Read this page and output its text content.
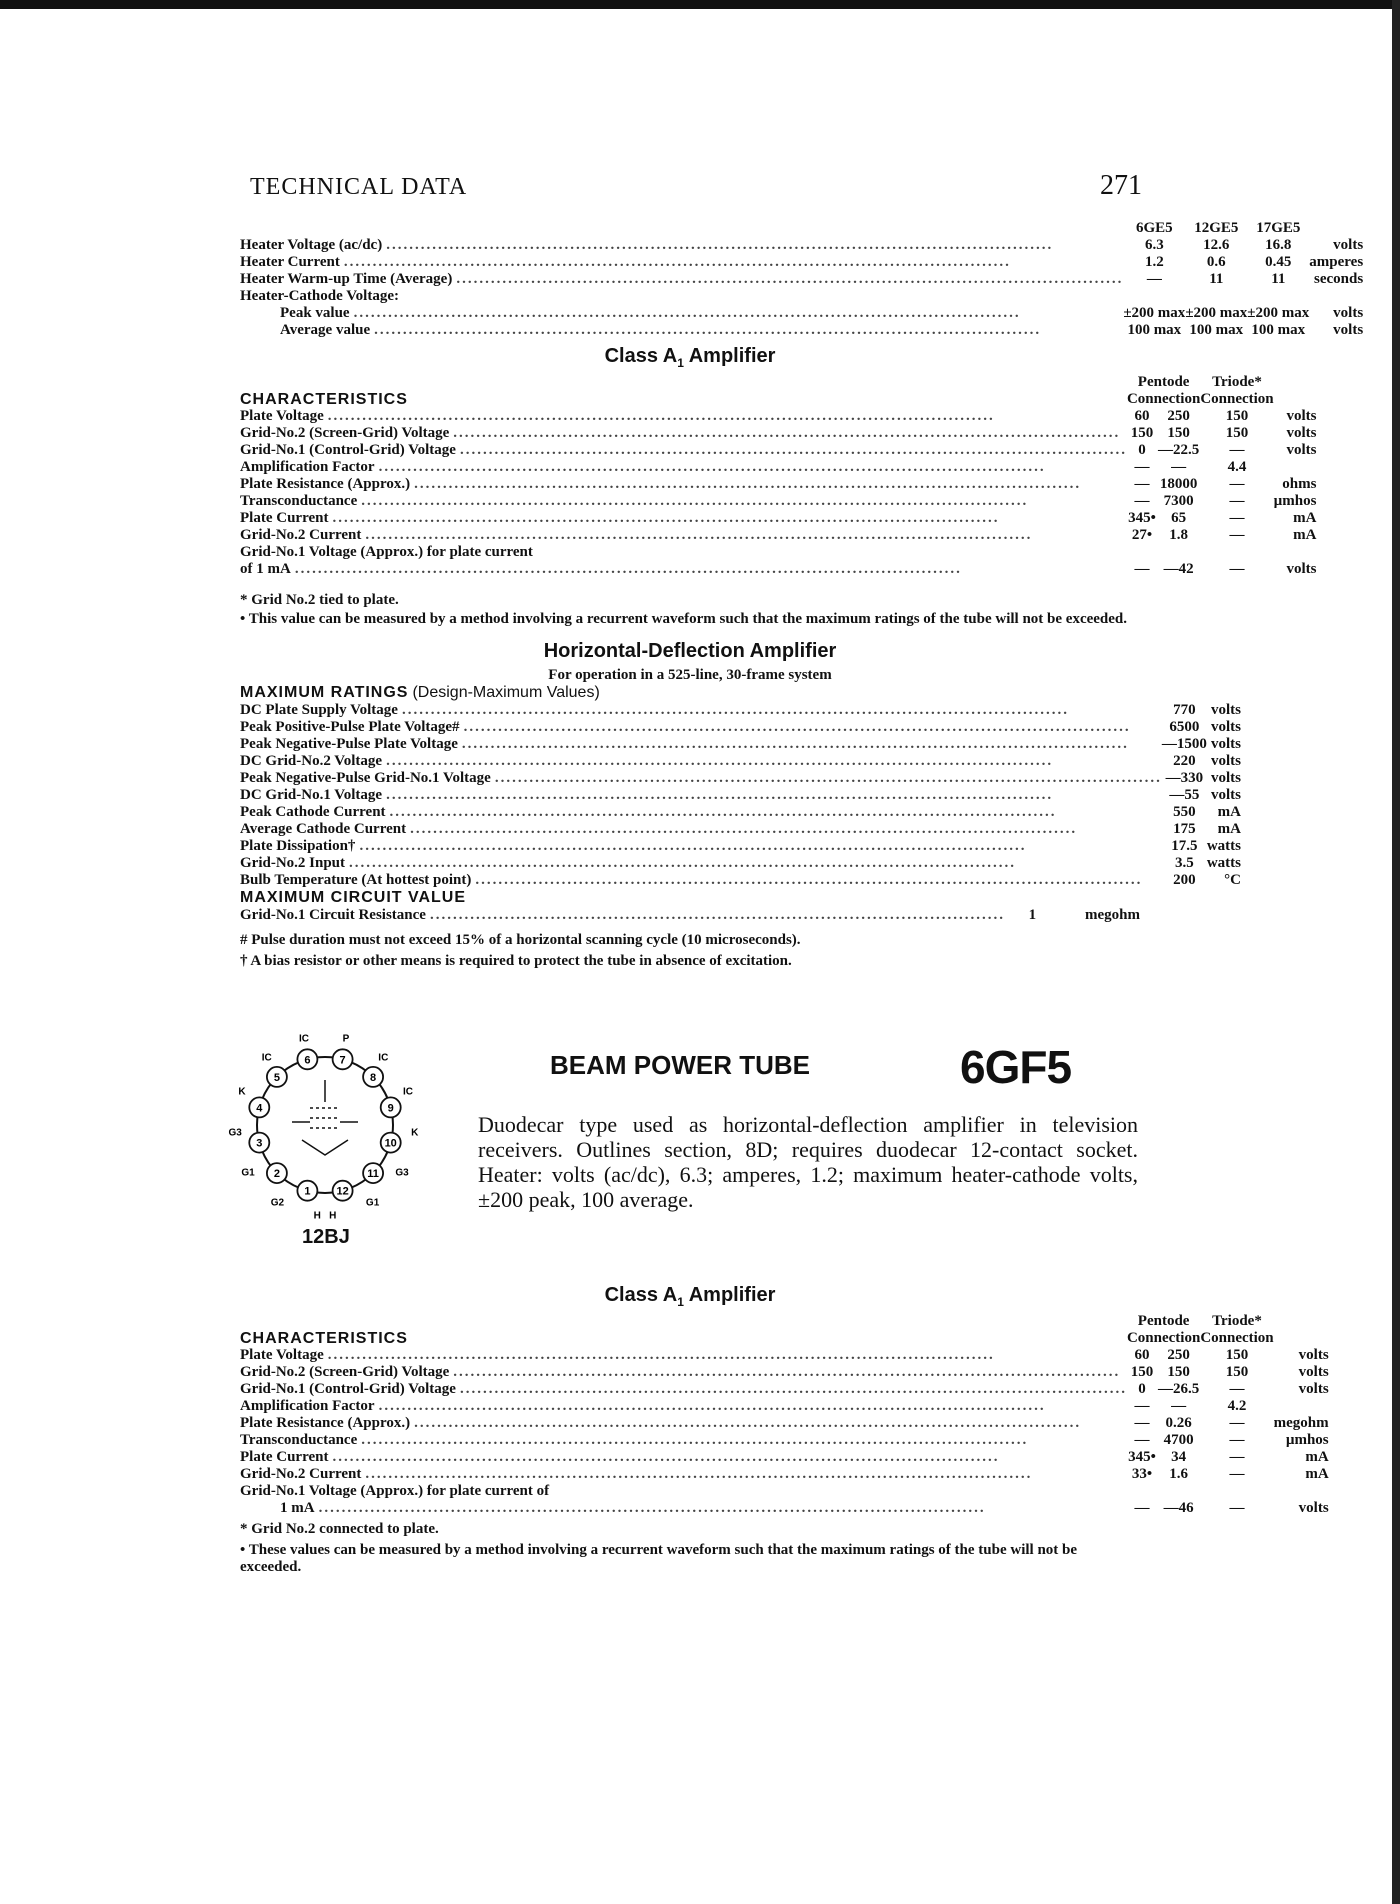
TECHNICAL DATA	271
	6GE5	12GE5	17GE5	

Heater Voltage (ac/dc) ....................................................................................................................	6.3	12.6	16.8	volts

Heater Current ....................................................................................................................	1.2	0.6	0.45	amperes

Heater Warm-up Time (Average) ....................................................................................................................	—	11	11	seconds

Heater-Cathode Voltage:				

Peak value ....................................................................................................................	±200 max	±200 max	±200 max	volts

Average value ....................................................................................................................	100 max	100 max	100 max	volts
Class $A_1$ Amplifier
	Pentode		Triode*	
CHARACTERISTICS	Connection		Connection	

Plate Voltage ....................................................................................................................	60	250	150	volts

Grid-No.2 (Screen-Grid) Voltage ....................................................................................................................	150	150	150	volts

Grid-No.1 (Control-Grid) Voltage ....................................................................................................................	0	—22.5	—	volts

Amplification Factor ....................................................................................................................	—	—	4.4	

Plate Resistance (Approx.) ....................................................................................................................	—	18000	—	ohms

Transconductance ....................................................................................................................	—	7300	—	µmhos

Plate Current ....................................................................................................................	345•	65	—	mA

Grid-No.2 Current ....................................................................................................................	27•	1.8	—	mA

Grid-No.1 Voltage (Approx.) for plate current				

of 1 mA ....................................................................................................................	—	—42	—	volts
* Grid No.2 tied to plate.
• This value can be measured by a method involving a recurrent waveform such that the maximum ratings of the tube will not be exceeded.
Horizontal-Deflection Amplifier
For operation in a 525-line, 30-frame system
MAXIMUM RATINGS (Design-Maximum Values)
DC Plate Supply Voltage ....................................................................................................................	770	volts

Peak Positive-Pulse Plate Voltage# ....................................................................................................................	6500	volts

Peak Negative-Pulse Plate Voltage ....................................................................................................................	—1500	volts

DC Grid-No.2 Voltage ....................................................................................................................	220	volts

Peak Negative-Pulse Grid-No.1 Voltage ....................................................................................................................	—330	volts

DC Grid-No.1 Voltage ....................................................................................................................	—55	volts

Peak Cathode Current ....................................................................................................................	550	mA

Average Cathode Current ....................................................................................................................	175	mA

Plate Dissipation† ....................................................................................................................	17.5	watts

Grid-No.2 Input ....................................................................................................................	3.5	watts

Bulb Temperature (At hottest point) ....................................................................................................................	200	°C
MAXIMUM CIRCUIT VALUE
Grid-No.1 Circuit Resistance ....................................................................................................	1	megohm
# Pulse duration must not exceed 15% of a horizontal scanning cycle (10 microseconds).
† A bias resistor or other means is required to protect the tube in absence of excitation.
1
2
3
4
5
6	7
8
9
10
11
12
H
G2
G1
G3
K
IC
IC	P
IC
IC
K
G3
G1
H
12BJ
BEAM POWER TUBE	6GF5
Duodecar type used as horizontal-deflection amplifier in television receivers. Outlines section, 8D; requires duodecar 12-contact socket. Heater: volts (ac/dc), 6.3; amperes, 1.2; maximum heater-cathode volts, ±200 peak, 100 average.
Class $A_1$ Amplifier
	Pentode		Triode*	
CHARACTERISTICS	Connection		Connection	

Plate Voltage ....................................................................................................................	60	250	150	volts

Grid-No.2 (Screen-Grid) Voltage ....................................................................................................................	150	150	150	volts

Grid-No.1 (Control-Grid) Voltage ....................................................................................................................	0	—26.5	—	volts

Amplification Factor ....................................................................................................................	—	—	4.2	

Plate Resistance (Approx.) ....................................................................................................................	—	0.26	—	megohm

Transconductance ....................................................................................................................	—	4700	—	µmhos

Plate Current ....................................................................................................................	345•	34	—	mA

Grid-No.2 Current ....................................................................................................................	33•	1.6	—	mA

Grid-No.1 Voltage (Approx.) for plate current of				

1 mA ....................................................................................................................	—	—46	—	volts
* Grid No.2 connected to plate.
• These values can be measured by a method involving a recurrent waveform such that the maximum ratings of the tube will not be exceeded.
